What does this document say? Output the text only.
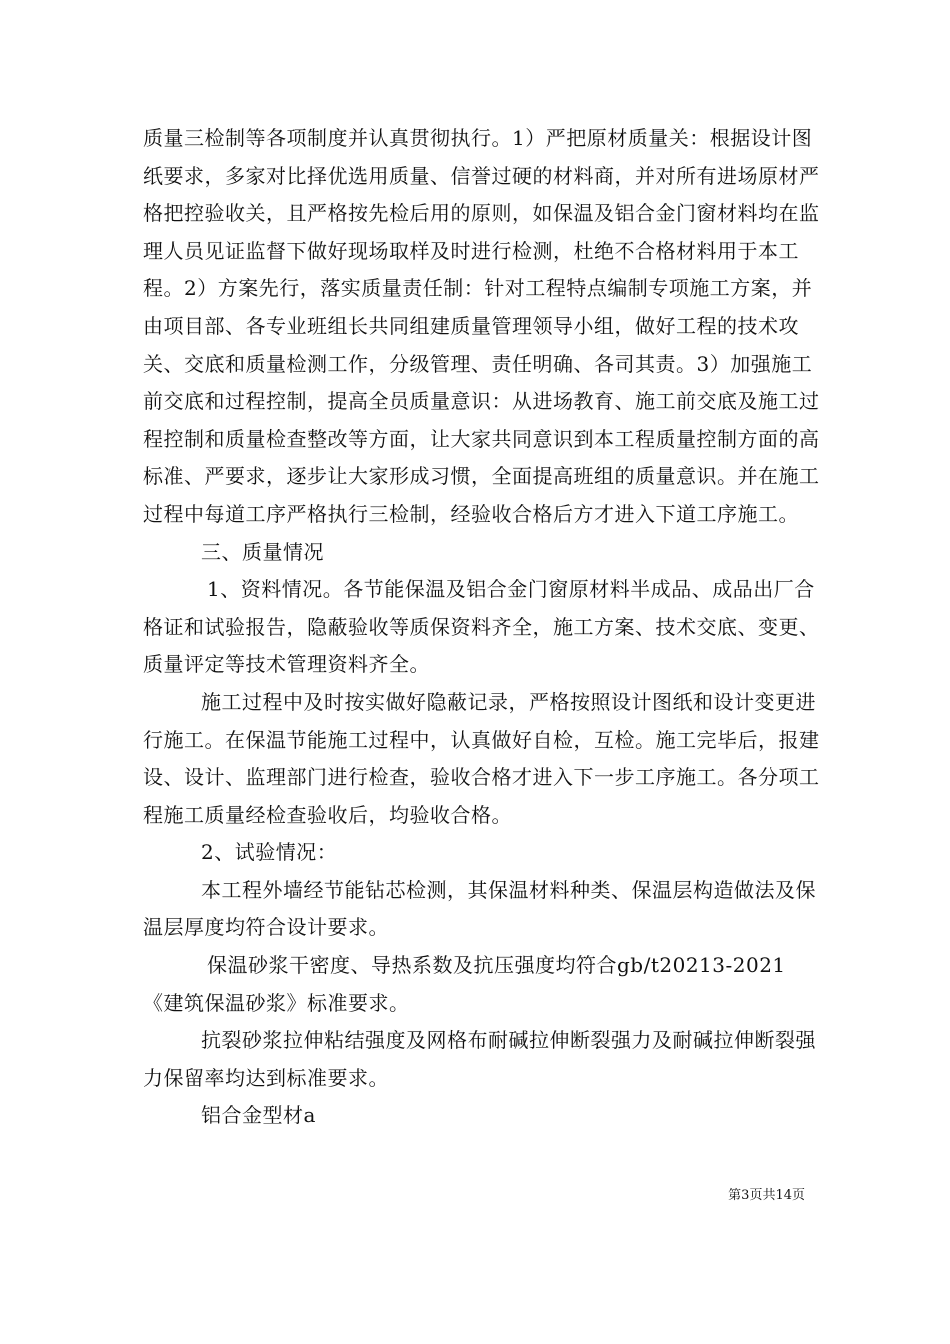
质量三检制等各项制度并认真贯彻执行。1）严把原材质量关：根据设计图纸要求，多家对比择优选用质量、信誉过硬的材料商，并对所有进场原材严格把控验收关，且严格按先检后用的原则，如保温及铝合金门窗材料均在监理人员见证监督下做好现场取样及时进行检测，杜绝不合格材料用于本工程。2）方案先行，落实质量责任制：针对工程特点编制专项施工方案，并由项目部、各专业班组长共同组建质量管理领导小组，做好工程的技术攻关、交底和质量检测工作，分级管理、责任明确、各司其责。3）加强施工前交底和过程控制，提高全员质量意识：从进场教育、施工前交底及施工过程控制和质量检查整改等方面，让大家共同意识到本工程质量控制方面的高标准、严要求，逐步让大家形成习惯，全面提高班组的质量意识。并在施工过程中每道工序严格执行三检制，经验收合格后方才进入下道工序施工。

三、质量情况

1、资料情况。各节能保温及铝合金门窗原材料半成品、成品出厂合格证和试验报告，隐蔽验收等质保资料齐全，施工方案、技术交底、变更、质量评定等技术管理资料齐全。

施工过程中及时按实做好隐蔽记录，严格按照设计图纸和设计变更进行施工。在保温节能施工过程中，认真做好自检，互检。施工完毕后，报建设、设计、监理部门进行检查，验收合格才进入下一步工序施工。各分项工程施工质量经检查验收后，均验收合格。

2、试验情况：

本工程外墙经节能钻芯检测，其保温材料种类、保温层构造做法及保温层厚度均符合设计要求。

保温砂浆干密度、导热系数及抗压强度均符合gb/t20213-2021《建筑保温砂浆》标准要求。

抗裂砂浆拉伸粘结强度及网格布耐碱拉伸断裂强力及耐碱拉伸断裂强力保留率均达到标准要求。

铝合金型材a

第3页共14页
